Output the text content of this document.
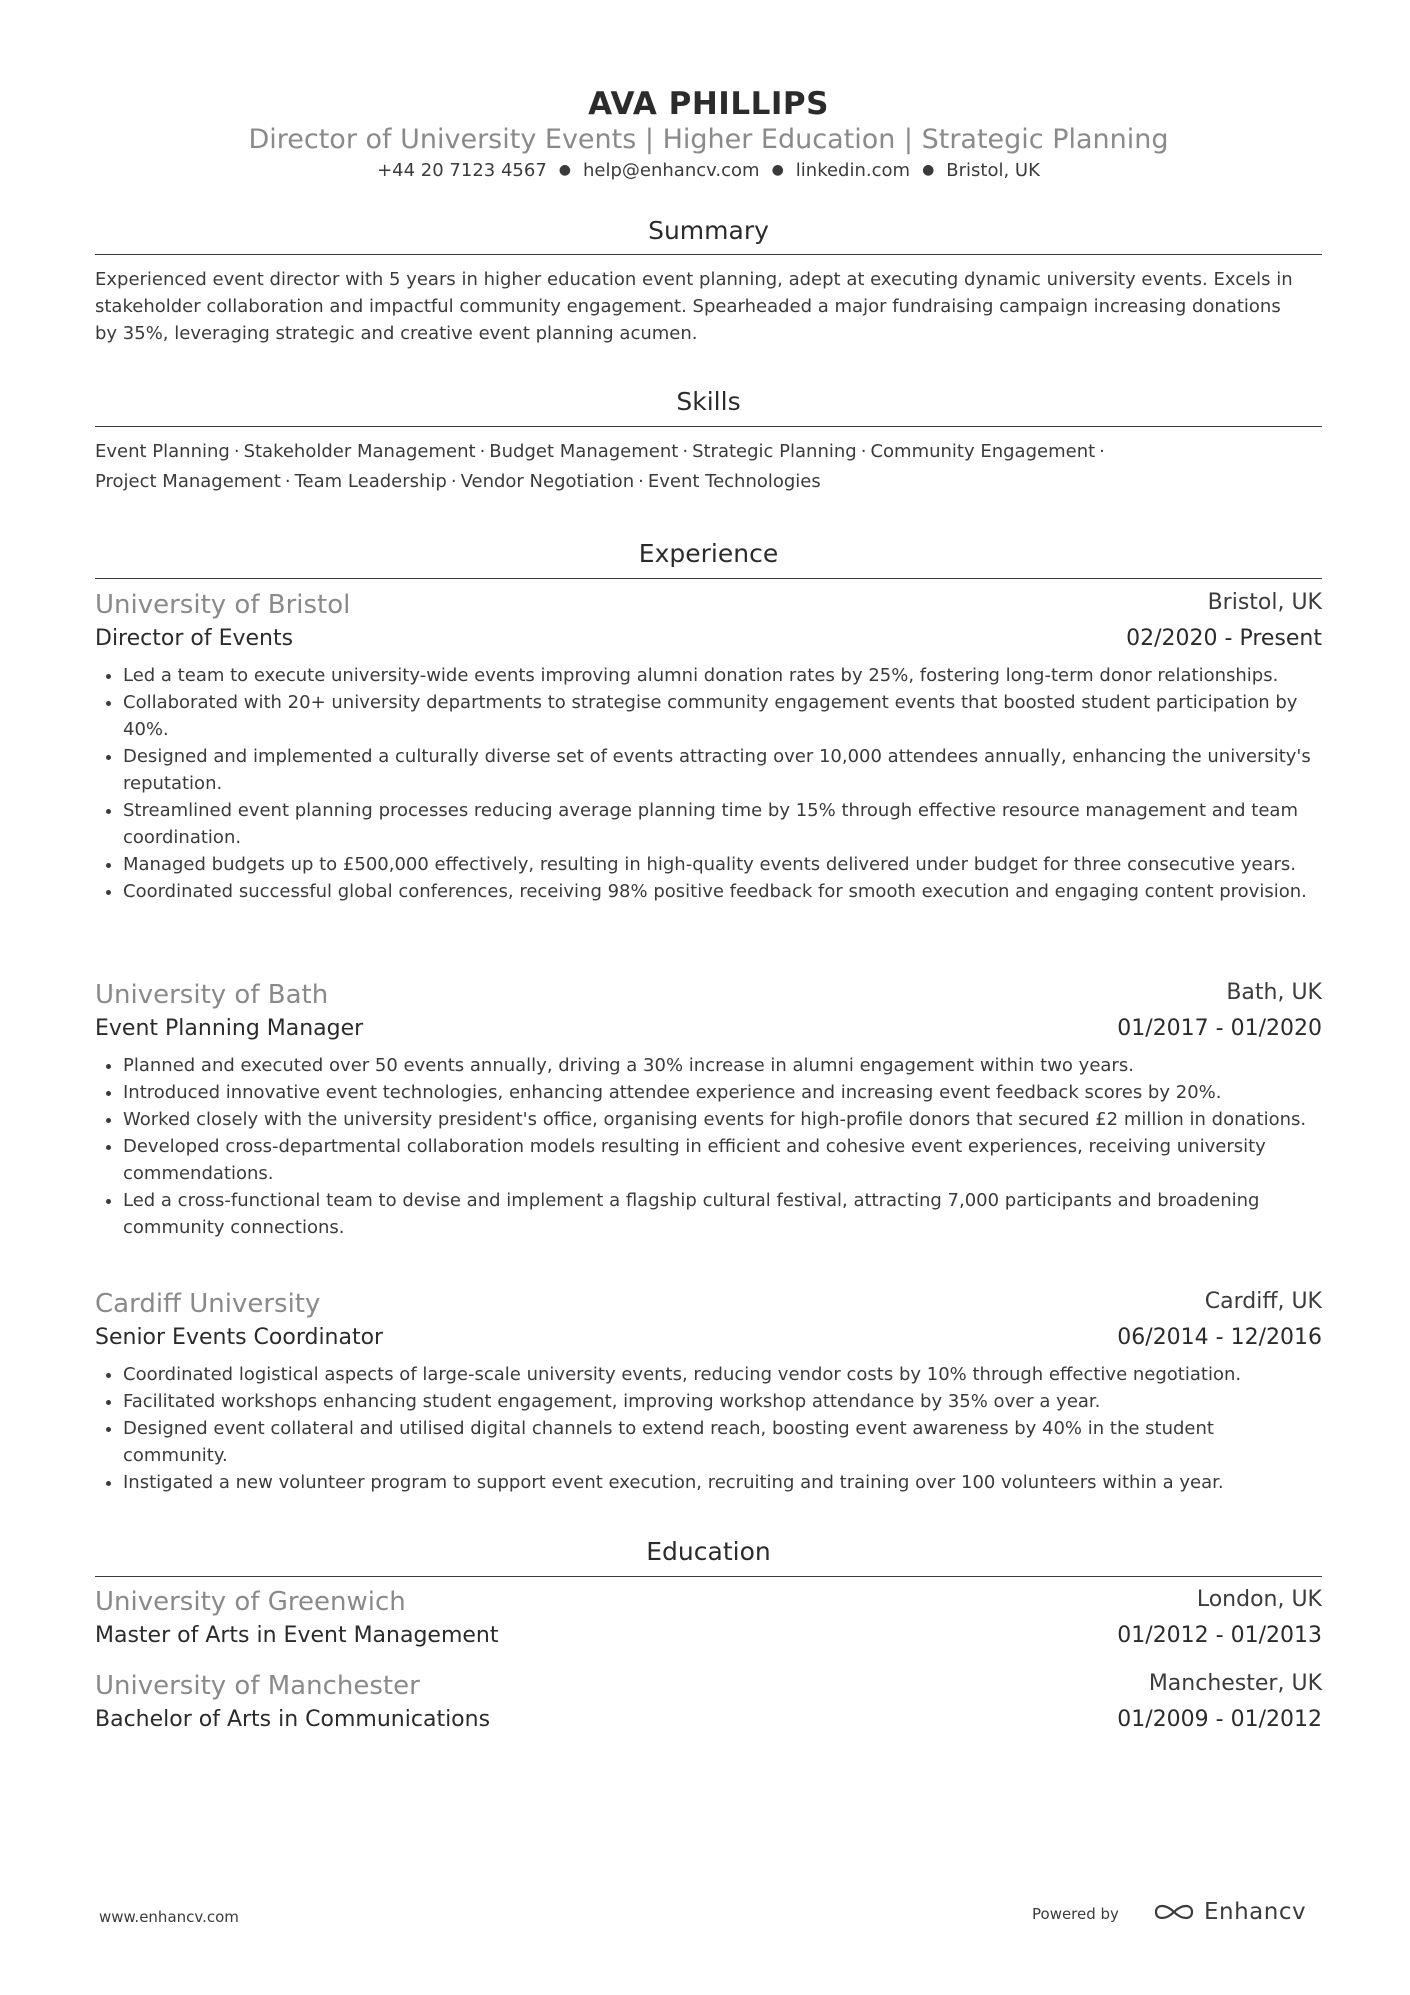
AVA PHILLIPS
Director of University Events | Higher Education | Strategic Planning
+44 20 7123 4567 ● help@enhancv.com ● linkedin.com ● Bristol, UK
Summary
Experienced event director with 5 years in higher education event planning, adept at executing dynamic university events. Excels in
stakeholder collaboration and impactful community engagement. Spearheaded a major fundraising campaign increasing donations
by 35%, leveraging strategic and creative event planning acumen.
Skills
Event Planning · Stakeholder Management · Budget Management · Strategic Planning · Community Engagement ·
Project Management · Team Leadership · Vendor Negotiation · Event Technologies
Experience
University of Bristol	Bristol, UK
Director of Events	02/2020 - Present
• Led a team to execute university-wide events improving alumni donation rates by 25%, fostering long-term donor relationships.
• Collaborated with 20+ university departments to strategise community engagement events that boosted student participation by 40%.
• Designed and implemented a culturally diverse set of events attracting over 10,000 attendees annually, enhancing the university's reputation.
• Streamlined event planning processes reducing average planning time by 15% through effective resource management and team coordination.
• Managed budgets up to £500,000 effectively, resulting in high-quality events delivered under budget for three consecutive years.
• Coordinated successful global conferences, receiving 98% positive feedback for smooth execution and engaging content provision.
University of Bath	Bath, UK
Event Planning Manager	01/2017 - 01/2020
• Planned and executed over 50 events annually, driving a 30% increase in alumni engagement within two years.
• Introduced innovative event technologies, enhancing attendee experience and increasing event feedback scores by 20%.
• Worked closely with the university president's office, organising events for high-profile donors that secured £2 million in donations.
• Developed cross-departmental collaboration models resulting in efficient and cohesive event experiences, receiving university commendations.
• Led a cross-functional team to devise and implement a flagship cultural festival, attracting 7,000 participants and broadening community connections.
Cardiff University	Cardiff, UK
Senior Events Coordinator	06/2014 - 12/2016
• Coordinated logistical aspects of large-scale university events, reducing vendor costs by 10% through effective negotiation.
• Facilitated workshops enhancing student engagement, improving workshop attendance by 35% over a year.
• Designed event collateral and utilised digital channels to extend reach, boosting event awareness by 40% in the student community.
• Instigated a new volunteer program to support event execution, recruiting and training over 100 volunteers within a year.
Education
University of Greenwich	London, UK
Master of Arts in Event Management	01/2012 - 01/2013
University of Manchester	Manchester, UK
Bachelor of Arts in Communications	01/2009 - 01/2012
www.enhancv.com	Powered by	Enhancv
